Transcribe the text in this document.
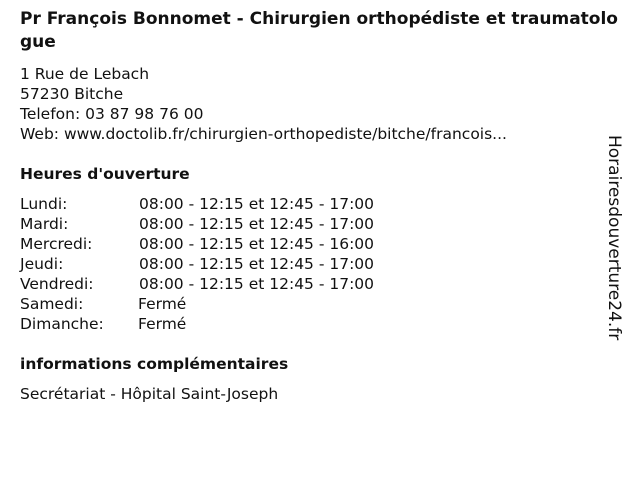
Pr François Bonnomet - Chirurgien orthopédiste et traumatologue
1 Rue de Lebach
57230 Bitche
Telefon: 03 87 98 76 00
Web: www.doctolib.fr/chirurgien-orthopediste/bitche/francois...
Heures d'ouverture
Lundi:	08:00 - 12:15 et 12:45 - 17:00
Mardi:	08:00 - 12:15 et 12:45 - 17:00
Mercredi:	08:00 - 12:15 et 12:45 - 16:00
Jeudi:	08:00 - 12:15 et 12:45 - 17:00
Vendredi:	08:00 - 12:15 et 12:45 - 17:00
Samedi:	Fermé
Dimanche: Fermé
informations complémentaires
Secrétariat - Hôpital Saint-Joseph
Horairesdouverture24.fr
